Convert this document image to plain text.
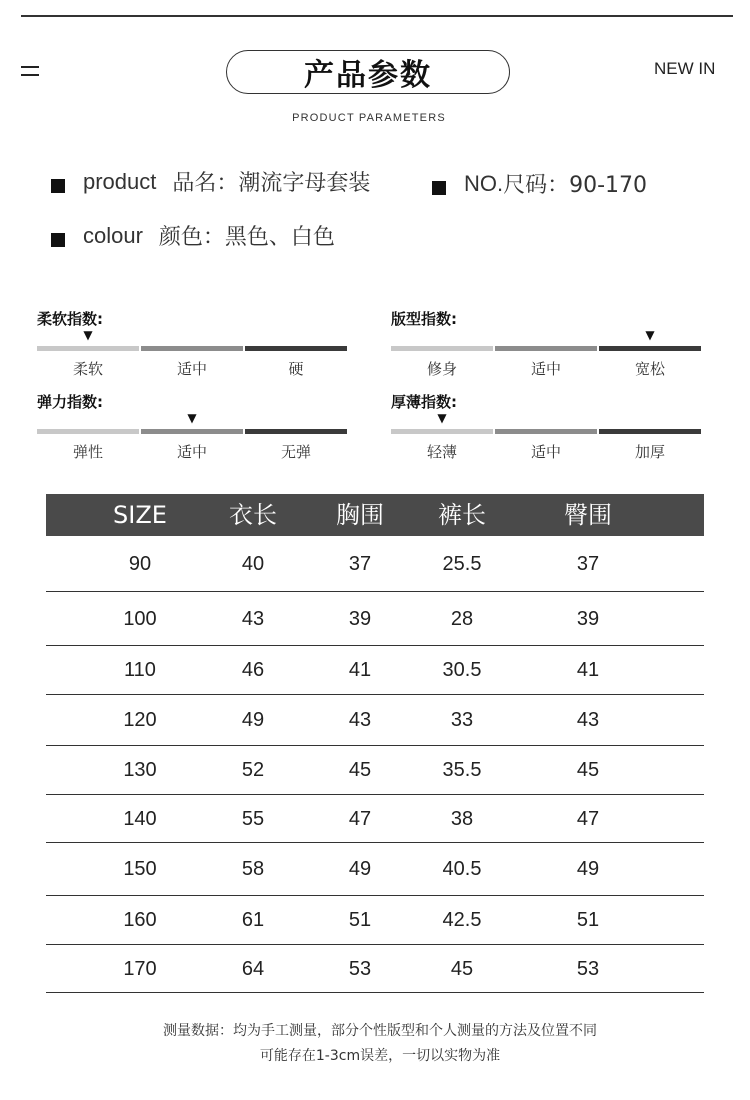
产品参数	NEW IN
PRODUCT PARAMETERS
product 品名：潮流字母套装	NO. 尺码：90-170
colour 颜色：黑色、白色
柔软指数:
柔软	适中	硬
▼
版型指数:
修身	适中	宽松
▼
弹力指数:
弹性	适中	无弹
▼
厚薄指数:
轻薄	适中	加厚
▼
SIZE	衣长	胸围	裤长	臀围
90	40	37	25.5	37
100	43	39	28	39
110	46	41	30.5	41
120	49	43	33	43
130	52	45	35.5	45
140	55	47	38	47
150	58	49	40.5	49
160	61	51	42.5	51
170	64	53	45	53
测量数据：均为手工测量，部分个性版型和个人测量的方法及位置不同
可能存在1-3cm误差，一切以实物为准
